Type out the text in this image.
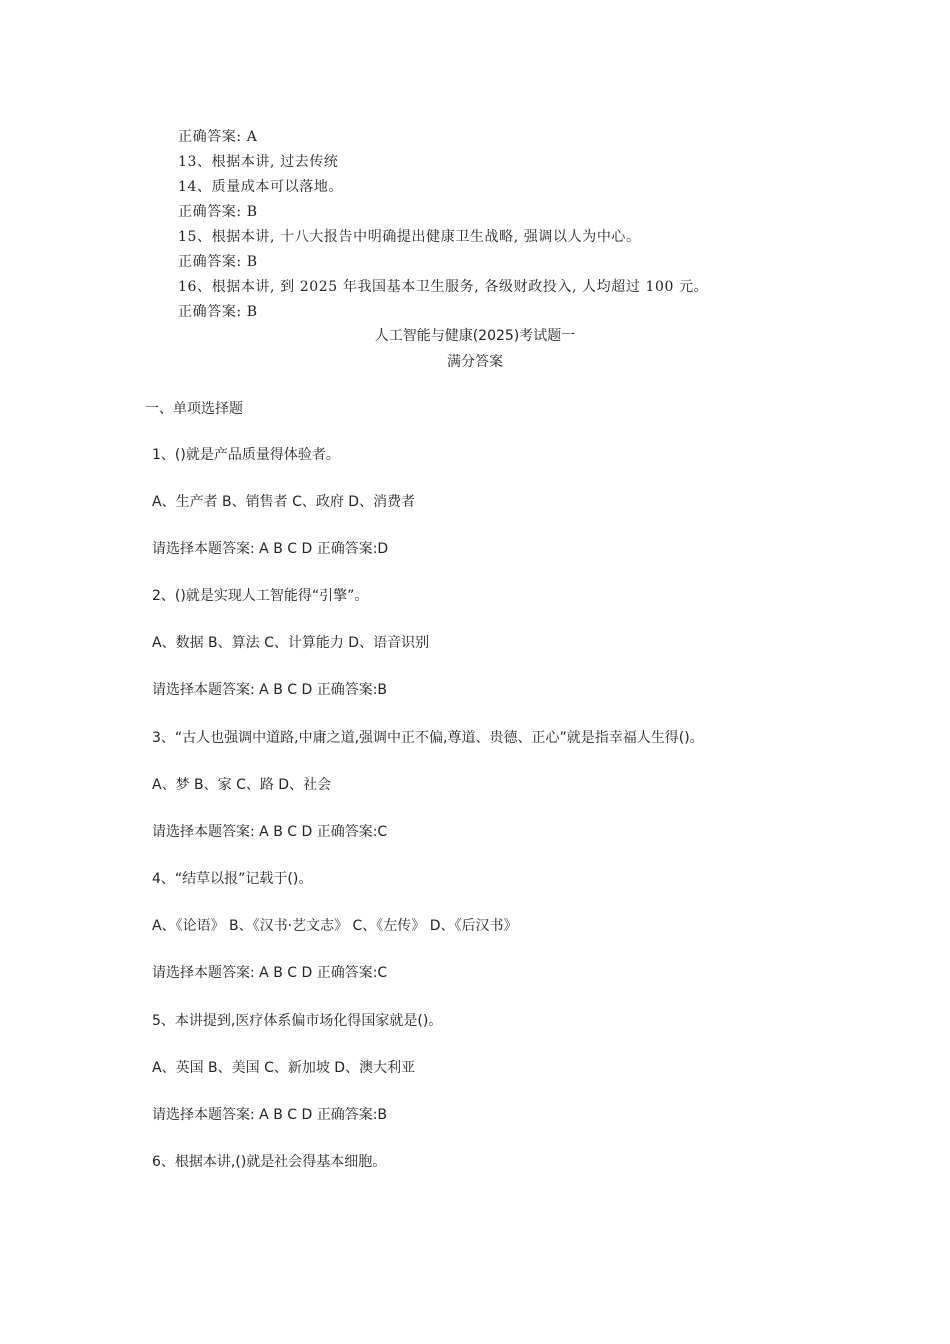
正确答案: A
13、根据本讲, 过去传统
14、质量成本可以落地。
正确答案: B
15、根据本讲, 十八大报告中明确提出健康卫生战略, 强调以人为中心。
正确答案: B
16、根据本讲, 到 2025 年我国基本卫生服务, 各级财政投入, 人均超过 100 元。
正确答案: B
人工智能与健康(2025)考试题一
满分答案
一、单项选择题
1、()就是产品质量得体验者。
A、生产者 B、销售者 C、政府 D、消费者
请选择本题答案: A B C D 正确答案:D
2、()就是实现人工智能得“引擎”。
A、数据 B、算法 C、计算能力 D、语音识别
请选择本题答案: A B C D 正确答案:B
3、“古人也强调中道路,中庸之道,强调中正不偏,尊道、贵德、正心”就是指幸福人生得()。
A、梦 B、家 C、路 D、社会
请选择本题答案: A B C D 正确答案:C
4、“结草以报”记载于()。
A、《论语》 B、《汉书·艺文志》 C、《左传》 D、《后汉书》
请选择本题答案: A B C D 正确答案:C
5、本讲提到,医疗体系偏市场化得国家就是()。
A、英国 B、美国 C、新加坡 D、澳大利亚
请选择本题答案: A B C D 正确答案:B
6、根据本讲,()就是社会得基本细胞。
